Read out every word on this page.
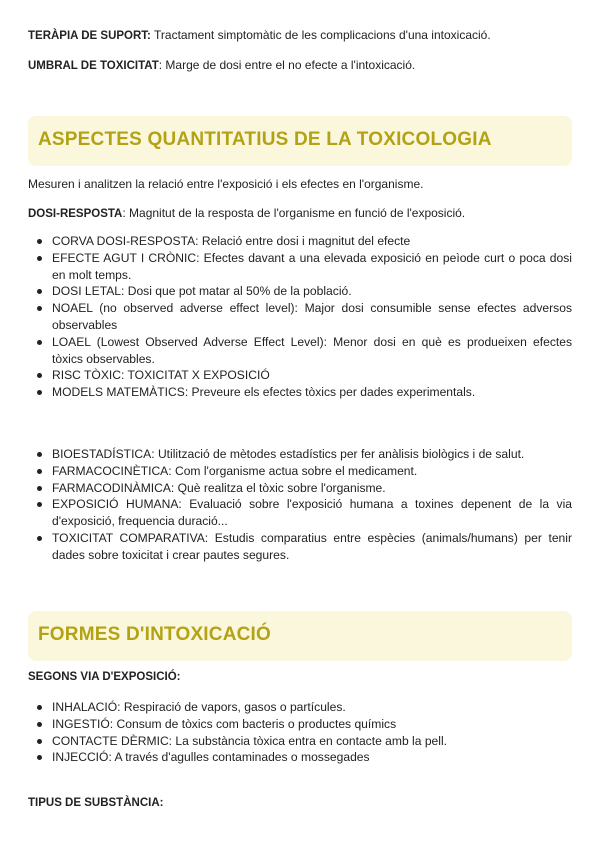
TERÀPIA DE SUPORT: Tractament simptomàtic de les complicacions d'una intoxicació.
UMBRAL DE TOXICITAT: Marge de dosi entre el no efecte a l'intoxicació.
ASPECTES QUANTITATIUS DE LA TOXICOLOGIA
Mesuren i analitzen la relació entre l'exposició i els efectes en l'organisme.
DOSI-RESPOSTA: Magnitut de la resposta de l'organisme en funció de l'exposició.
CORVA DOSI-RESPOSTA: Relació entre dosi i magnitut del efecte
EFECTE AGUT I CRÒNIC: Efectes davant a una elevada exposició en peìode curt o poca dosi en molt temps.
DOSI LETAL: Dosi que pot matar al 50% de la població.
NOAEL (no observed adverse effect level): Major dosi consumible sense efectes adversos observables
LOAEL (Lowest Observed Adverse Effect Level): Menor dosi en què es produeixen efectes tòxics observables.
RISC TÒXIC: TOXICITAT X EXPOSICIÓ
MODELS MATEMÀTICS: Preveure els efectes tòxics per dades experimentals.
BIOESTADÍSTICA: Utilització de mètodes estadístics per fer anàlisis biològics i de salut.
FARMACOCINÈTICA: Com l'organisme actua sobre el medicament.
FARMACODINÀMICA: Què realitza el tòxic sobre l'organisme.
EXPOSICIÓ HUMANA: Evaluació sobre l'exposició humana a toxines depenent de la via d'exposició, frequencia duració...
TOXICITAT COMPARATIVA: Estudis comparatius entre espècies (animals/humans) per tenir dades sobre toxicitat i crear pautes segures.
FORMES D'INTOXICACIÓ
SEGONS VIA D'EXPOSICIÓ:
INHALACIÓ: Respiració de vapors, gasos o partícules.
INGESTIÓ: Consum de tòxics com bacteris o productes químics
CONTACTE DÈRMIC: La substància tòxica entra en contacte amb la pell.
INJECCIÓ: A través d'agulles contaminades o mossegades
TIPUS DE SUBSTÀNCIA:
